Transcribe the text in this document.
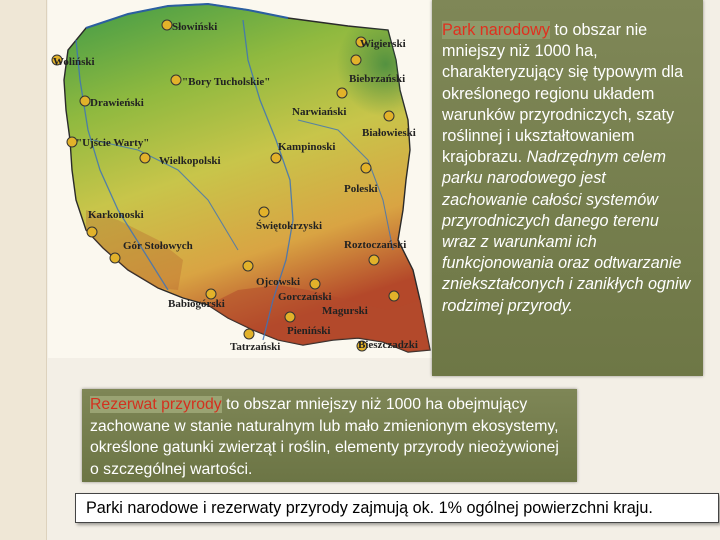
Słowiński
Wigierski
Woliński
"Bory Tucholskie"	Biebrzański
Drawieński
Narwiański
"Ujście Warty"
Białowieski
Kampinoski
Wielkopolski
Poleski
Karkonoski
Świętokrzyski
Roztoczański
Gór Stołowych
Ojcowski
Gorczański
Magurski
Babiogórski
Pieniński
Tatrzański	Bieszczadzki
Park narodowy to obszar nie mniejszy niż 1000 ha, charakteryzujący się typowym dla określonego regionu układem warunków przyrodniczych, szaty roślinnej i ukształtowaniem krajobrazu. Nadrzędnym celem parku narodowego jest zachowanie całości systemów przyrodniczych danego terenu wraz z warunkami ich funkcjonowania oraz odtwarzanie zniekształconych i zanikłych ogniw rodzimej przyrody.
Rezerwat przyrody to obszar mniejszy niż 1000 ha obejmujący zachowane w stanie naturalnym lub mało zmienionym ekosystemy, określone gatunki zwierząt i roślin, elementy przyrody nieożywionej o szczególnej wartości.
Parki narodowe i rezerwaty przyrody zajmują ok. 1% ogólnej powierzchni kraju.
